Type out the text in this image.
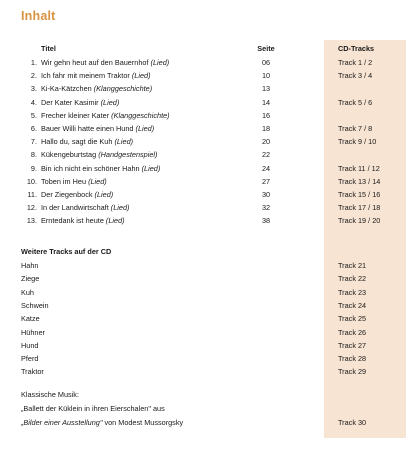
Inhalt
Titel	Seite	CD-Tracks
1. Wir gehn heut auf den Bauernhof (Lied)	06	Track 1 / 2
2. Ich fahr mit meinem Traktor (Lied)	10	Track 3 / 4
3. Ki-Ka-Kätzchen (Klanggeschichte)	13
4. Der Kater Kasimir (Lied)	14	Track 5 / 6
5. Frecher kleiner Kater (Klanggeschichte)	16
6. Bauer Willi hatte einen Hund (Lied)	18	Track 7 / 8
7. Hallo du, sagt die Kuh (Lied)	20	Track 9 / 10
8. Kükengeburtstag (Handgestenspiel)	22
9. Bin ich nicht ein schöner Hahn (Lied)	24	Track 11 / 12
10. Toben im Heu (Lied)	27	Track 13 / 14
11. Der Ziegenbock (Lied)	30	Track 15 / 16
12. In der Landwirtschaft (Lied)	32	Track 17 / 18
13. Erntedank ist heute (Lied)	38	Track 19 / 20
Weitere Tracks auf der CD
Hahn	Track 21
Ziege	Track 22
Kuh	Track 23
Schwein	Track 24
Katze	Track 25
Hühner	Track 26
Hund	Track 27
Pferd	Track 28
Traktor	Track 29
Klassische Musik:
„Ballett der Küklein in ihren Eierschalen" aus
„Bilder einer Ausstellung" von Modest Mussorgsky	Track 30
